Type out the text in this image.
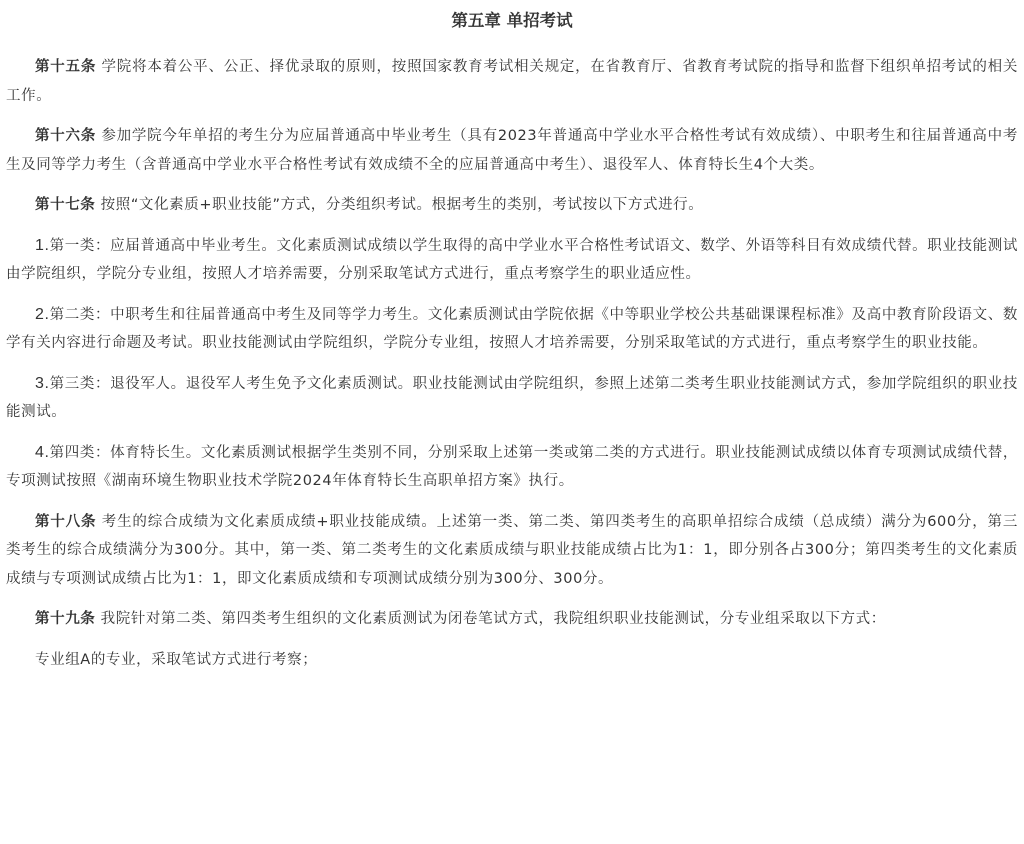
第五章 单招考试

第十五条 学院将本着公平、公正、择优录取的原则，按照国家教育考试相关规定，在省教育厅、省教育考试院的指导和监督下组织单招考试的相关工作。

第十六条 参加学院今年单招的考生分为应届普通高中毕业考生（具有2023年普通高中学业水平合格性考试有效成绩）、中职考生和往届普通高中考生及同等学力考生（含普通高中学业水平合格性考试有效成绩不全的应届普通高中考生）、退役军人、体育特长生4个大类。

第十七条 按照“文化素质+职业技能”方式，分类组织考试。根据考生的类别，考试按以下方式进行。

1.第一类：应届普通高中毕业考生。文化素质测试成绩以学生取得的高中学业水平合格性考试语文、数学、外语等科目有效成绩代替。职业技能测试由学院组织，学院分专业组，按照人才培养需要，分别采取笔试方式进行，重点考察学生的职业适应性。

2.第二类：中职考生和往届普通高中考生及同等学力考生。文化素质测试由学院依据《中等职业学校公共基础课课程标准》及高中教育阶段语文、数学有关内容进行命题及考试。职业技能测试由学院组织，学院分专业组，按照人才培养需要，分别采取笔试的方式进行，重点考察学生的职业技能。

3.第三类：退役军人。退役军人考生免予文化素质测试。职业技能测试由学院组织，参照上述第二类考生职业技能测试方式，参加学院组织的职业技能测试。

4.第四类：体育特长生。文化素质测试根据学生类别不同，分别采取上述第一类或第二类的方式进行。职业技能测试成绩以体育专项测试成绩代替，专项测试按照《湖南环境生物职业技术学院2024年体育特长生高职单招方案》执行。

第十八条 考生的综合成绩为文化素质成绩+职业技能成绩。上述第一类、第二类、第四类考生的高职单招综合成绩（总成绩）满分为600分，第三类考生的综合成绩满分为300分。其中，第一类、第二类考生的文化素质成绩与职业技能成绩占比为1：1，即分别各占300分；第四类考生的文化素质成绩与专项测试成绩占比为1：1，即文化素质成绩和专项测试成绩分别为300分、300分。

第十九条 我院针对第二类、第四类考生组织的文化素质测试为闭卷笔试方式，我院组织职业技能测试，分专业组采取以下方式：

专业组A的专业，采取笔试方式进行考察；
